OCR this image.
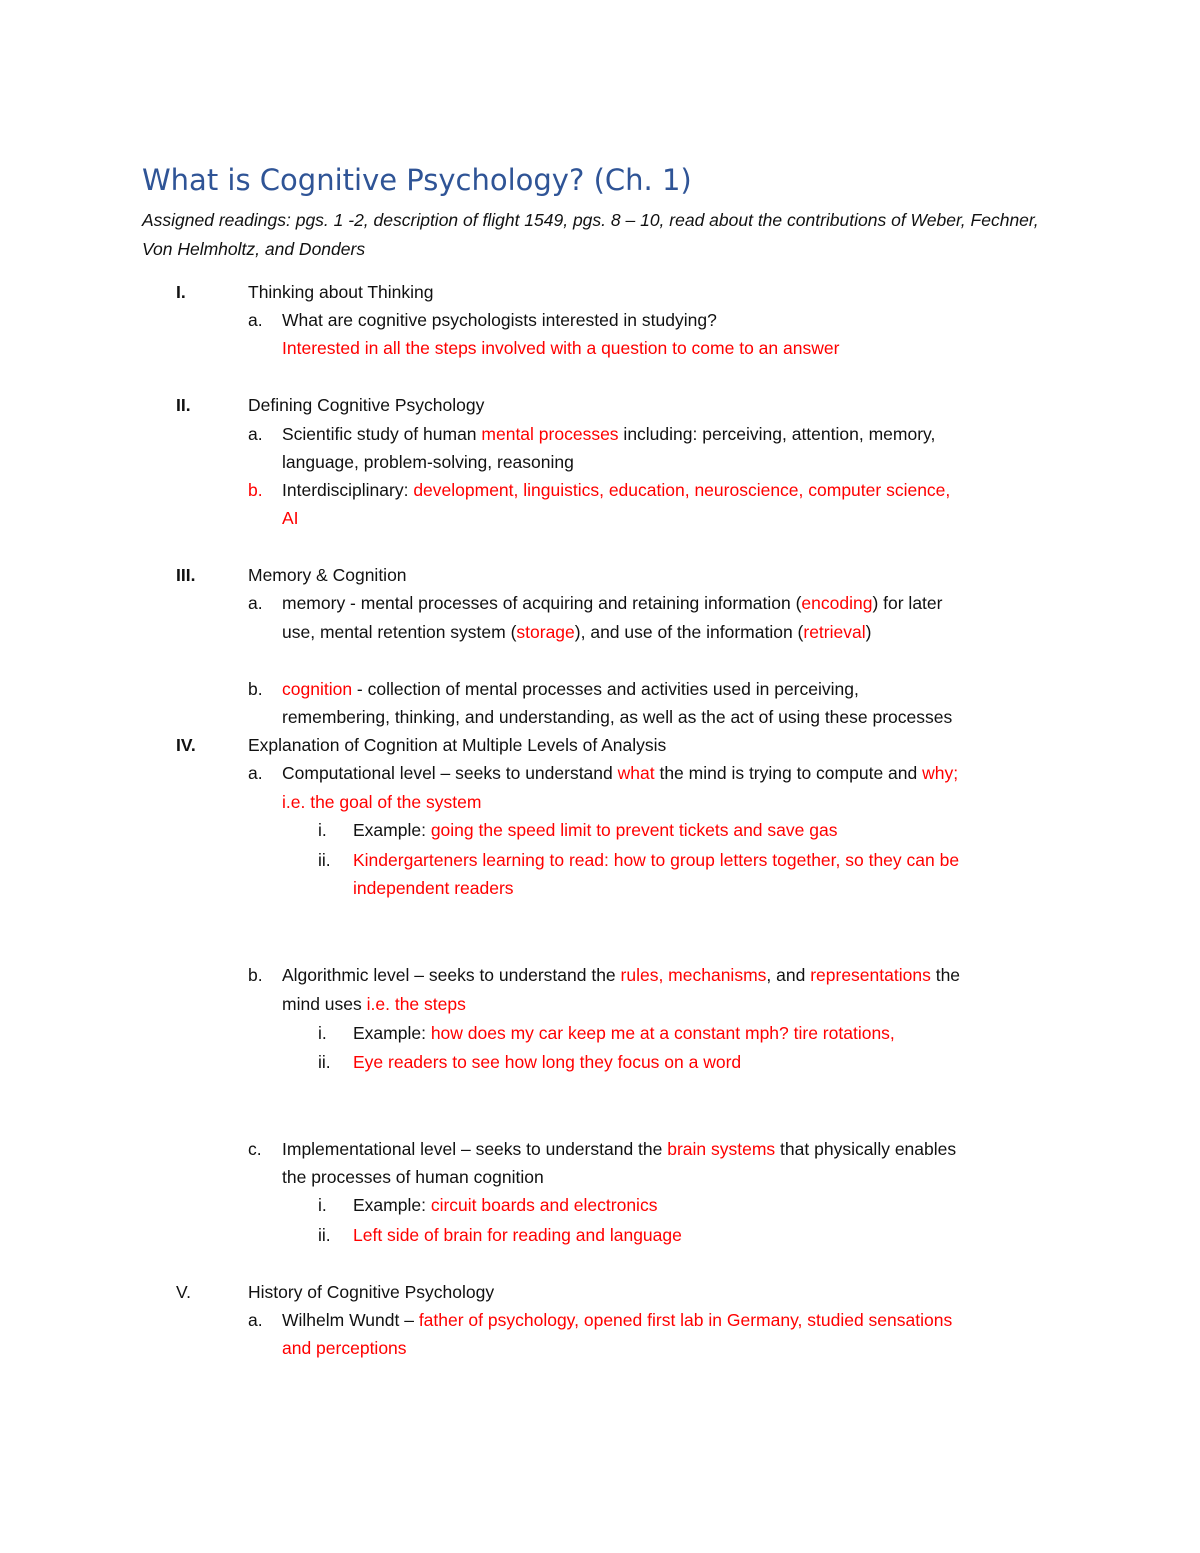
What is Cognitive Psychology? (Ch. 1)
Assigned readings: pgs. 1 -2, description of flight 1549, pgs. 8 – 10, read about the contributions of Weber, Fechner, Von Helmholtz, and Donders
I.	Thinking about Thinking
a. What are cognitive psychologists interested in studying?
Interested in all the steps involved with a question to come to an answer
II.	Defining Cognitive Psychology
a. Scientific study of human mental processes including: perceiving, attention, memory,
language, problem-solving, reasoning
b. Interdisciplinary: development, linguistics, education, neuroscience, computer science,
AI
III.	Memory & Cognition
a. memory - mental processes of acquiring and retaining information (encoding) for later
use, mental retention system (storage), and use of the information (retrieval)
b. cognition - collection of mental processes and activities used in perceiving,
remembering, thinking, and understanding, as well as the act of using these processes
IV.	Explanation of Cognition at Multiple Levels of Analysis
a. Computational level – seeks to understand what the mind is trying to compute and why;
i.e. the goal of the system
i. Example: going the speed limit to prevent tickets and save gas
ii. Kindergarteners learning to read: how to group letters together, so they can be
independent readers
b. Algorithmic level – seeks to understand the rules, mechanisms, and representations the
mind uses i.e. the steps
i. Example: how does my car keep me at a constant mph? tire rotations,
ii. Eye readers to see how long they focus on a word
c. Implementational level – seeks to understand the brain systems that physically enables
the processes of human cognition
i. Example: circuit boards and electronics
ii. Left side of brain for reading and language
V.	History of Cognitive Psychology
a. Wilhelm Wundt – father of psychology, opened first lab in Germany, studied sensations
and perceptions
